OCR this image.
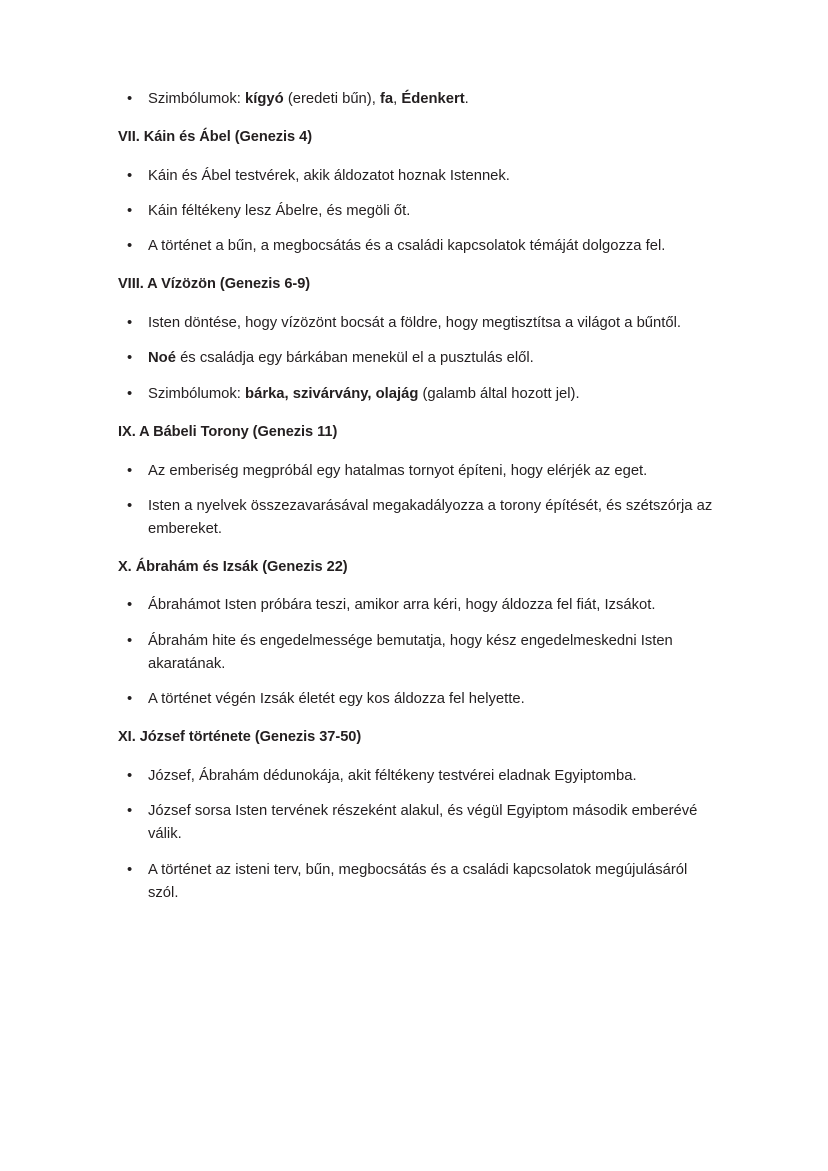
• Szimbólumok: kígyó (eredeti bűn), fa, Édenkert.
VII. Káin és Ábel (Genezis 4)
• Káin és Ábel testvérek, akik áldozatot hoznak Istennek.
• Káin féltékeny lesz Ábelre, és megöli őt.
• A történet a bűn, a megbocsátás és a családi kapcsolatok témáját dolgozza fel.
VIII. A Vízözön (Genezis 6-9)
• Isten döntése, hogy vízözönt bocsát a földre, hogy megtisztítsa a világot a bűntől.
• Noé és családja egy bárkában menekül el a pusztulás elől.
• Szimbólumok: bárka, szivárvány, olajág (galamb által hozott jel).
IX. A Bábeli Torony (Genezis 11)
• Az emberiség megpróbál egy hatalmas tornyot építeni, hogy elérjék az eget.
• Isten a nyelvek összezavarásával megakadályozza a torony építését, és szétszórja az embereket.
X. Ábrahám és Izsák (Genezis 22)
• Ábrahámot Isten próbára teszi, amikor arra kéri, hogy áldozza fel fiát, Izsákot.
• Ábrahám hite és engedelmessége bemutatja, hogy kész engedelmeskedni Isten akaratának.
• A történet végén Izsák életét egy kos áldozza fel helyette.
XI. József története (Genezis 37-50)
• József, Ábrahám dédunokája, akit féltékeny testvérei eladnak Egyiptomba.
• József sorsa Isten tervének részeként alakul, és végül Egyiptom második emberévé válik.
• A történet az isteni terv, bűn, megbocsátás és a családi kapcsolatok megújulásáról szól.
